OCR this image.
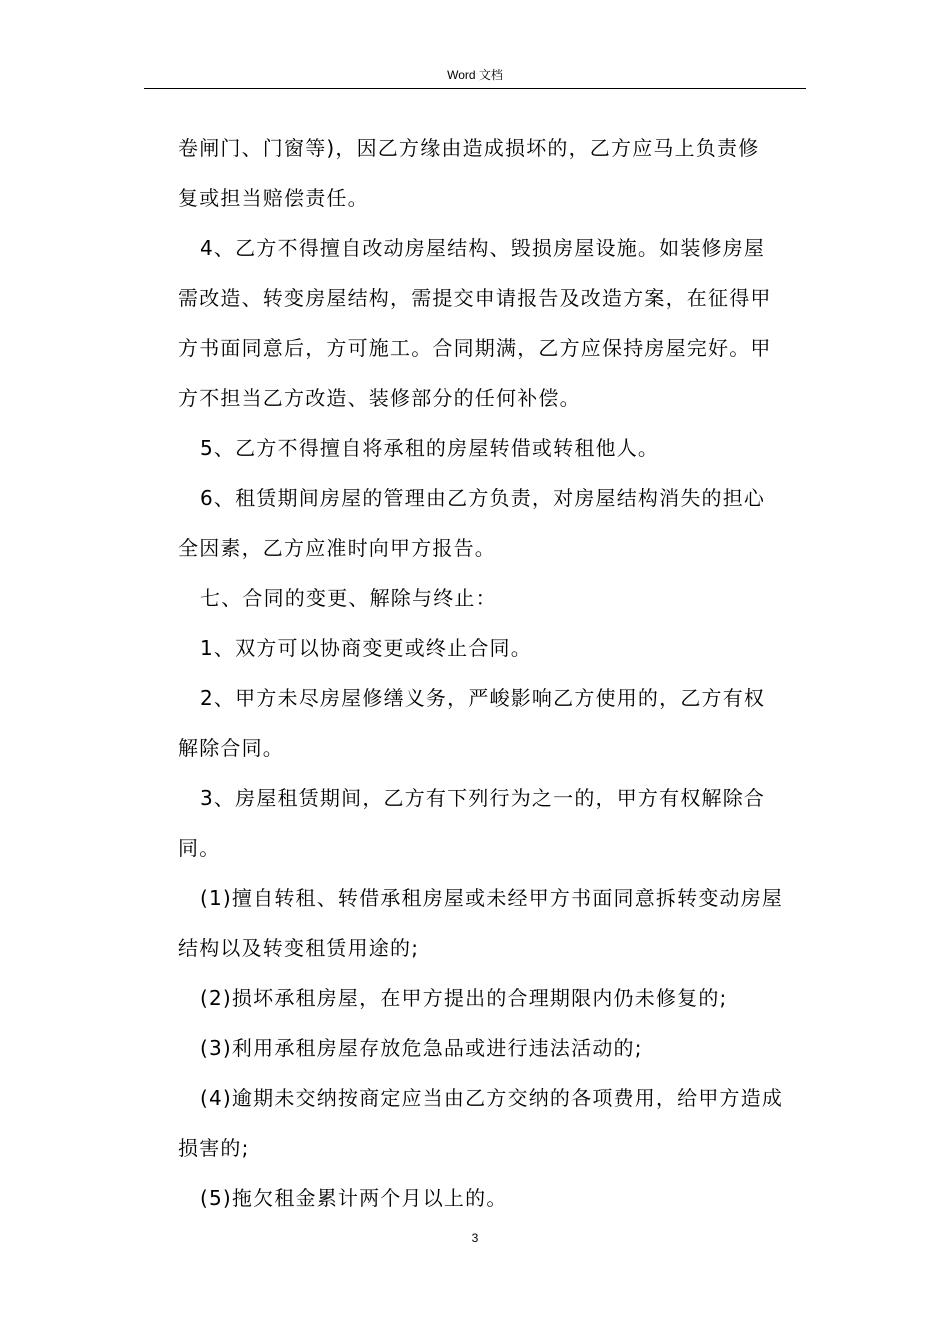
Word 文档

卷闸门、门窗等)，因乙方缘由造成损坏的，乙方应马上负责修

复或担当赔偿责任。

4、乙方不得擅自改动房屋结构、毁损房屋设施。如装修房屋

需改造、转变房屋结构，需提交申请报告及改造方案，在征得甲

方书面同意后，方可施工。合同期满，乙方应保持房屋完好。甲

方不担当乙方改造、装修部分的任何补偿。

5、乙方不得擅自将承租的房屋转借或转租他人。

6、租赁期间房屋的管理由乙方负责，对房屋结构消失的担心

全因素，乙方应准时向甲方报告。

七、合同的变更、解除与终止：

1、双方可以协商变更或终止合同。

2、甲方未尽房屋修缮义务，严峻影响乙方使用的，乙方有权

解除合同。

3、房屋租赁期间，乙方有下列行为之一的，甲方有权解除合

同。

(1)擅自转租、转借承租房屋或未经甲方书面同意拆转变动房屋

结构以及转变租赁用途的;

(2)损坏承租房屋，在甲方提出的合理期限内仍未修复的;

(3)利用承租房屋存放危急品或进行违法活动的;

(4)逾期未交纳按商定应当由乙方交纳的各项费用，给甲方造成

损害的;

(5)拖欠租金累计两个月以上的。

3
